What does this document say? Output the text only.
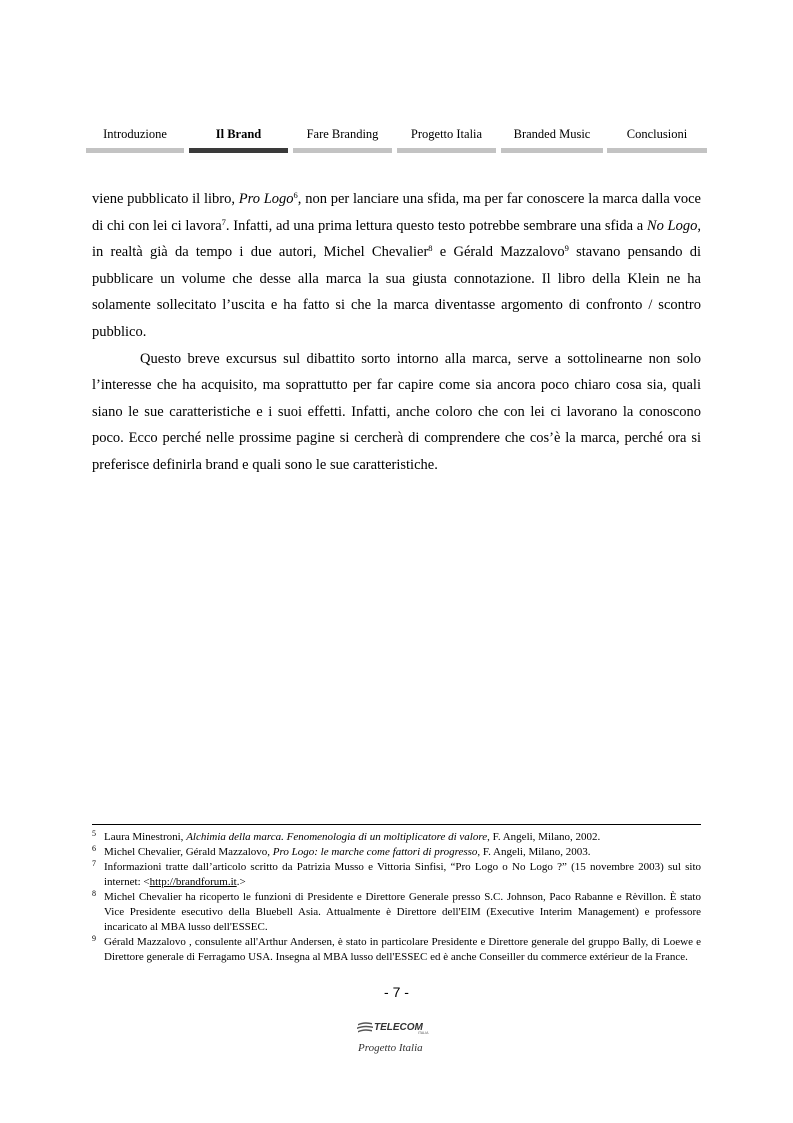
Introduzione	Il Brand	Fare Branding	Progetto Italia	Branded Music	Conclusioni

viene pubblicato il libro, Pro Logo$^6$, non per lanciare una sfida, ma per far conoscere la marca dalla voce di chi con lei ci lavora$^7$. Infatti, ad una prima lettura questo testo potrebbe sembrare una sfida a No Logo, in realtà già da tempo i due autori, Michel Chevalier$^8$ e Gérald Mazzalovo$^9$ stavano pensando di pubblicare un volume che desse alla marca la sua giusta connotazione. Il libro della Klein ne ha solamente sollecitato l’uscita e ha fatto si che la marca diventasse argomento di confronto / scontro pubblico.

Questo breve excursus sul dibattito sorto intorno alla marca, serve a sottolinearne non solo l’interesse che ha acquisito, ma soprattutto per far capire come sia ancora poco chiaro cosa sia, quali siano le sue caratteristiche e i suoi effetti. Infatti, anche coloro che con lei ci lavorano la conoscono poco. Ecco perché nelle prossime pagine si cercherà di comprendere che cos’è la marca, perché ora si preferisce definirla brand e quali sono le sue caratteristiche.

5 Laura Minestroni, Alchimia della marca. Fenomenologia di un moltiplicatore di valore, F. Angeli, Milano, 2002.
6 Michel Chevalier, Gérald Mazzalovo, Pro Logo: le marche come fattori di progresso, F. Angeli, Milano, 2003.
7 Informazioni tratte dall’articolo scritto da Patrizia Musso e Vittoria Sinfisi, “Pro Logo o No Logo ?” (15 novembre 2003) sul sito internet: <http://brandforum.it.>
8 Michel Chevalier ha ricoperto le funzioni di Presidente e Direttore Generale presso S.C. Johnson, Paco Rabanne e Rèvillon. È stato Vice Presidente esecutivo della Bluebell Asia. Attualmente è Direttore dell'EIM (Executive Interim Management) e professore incaricato al MBA lusso dell'ESSEC.
9 Gérald Mazzalovo , consulente all'Arthur Andersen, è stato in particolare Presidente e Direttore generale del gruppo Bally, di Loewe e Direttore generale di Ferragamo USA. Insegna al MBA lusso dell'ESSEC ed è anche Conseiller du commerce extérieur de la France.
- 7 -
TELECOM
ITALIA
Progetto Italia
